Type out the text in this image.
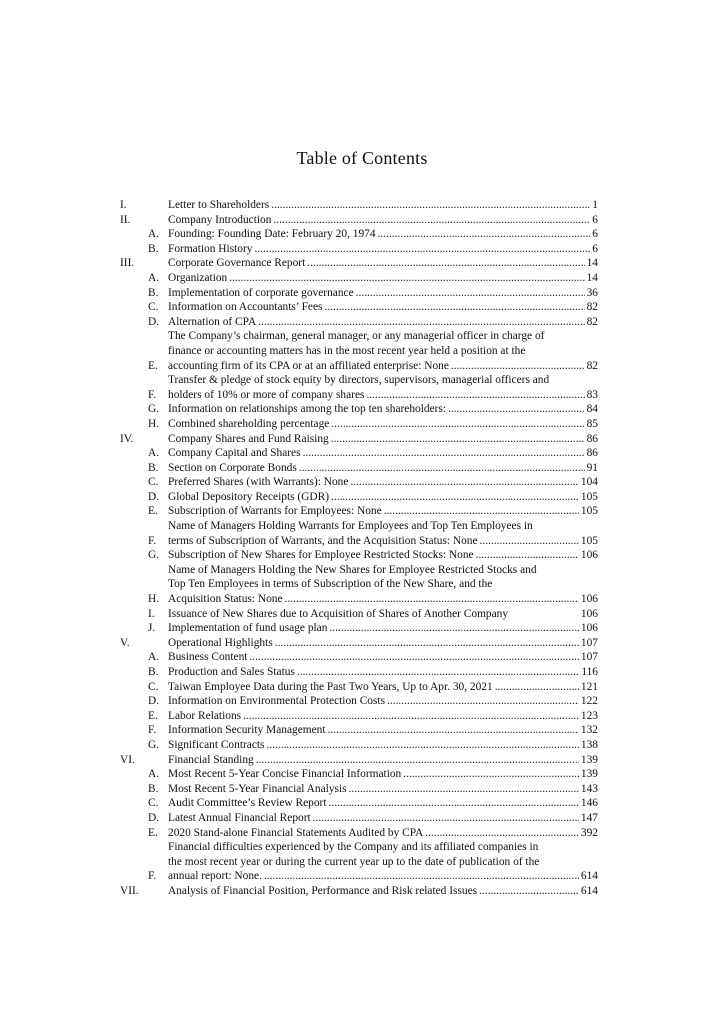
Table of Contents
I.	Letter to Shareholders .....	1
II.	Company Introduction .....	6
A. Founding: Founding Date: February 20, 1974 .....	6
B. Formation History .....	6
III.	Corporate Governance Report .....	14
A. Organization .....	14
B. Implementation of corporate governance .....	36
C. Information on Accountants’ Fees .....	82
D. Alternation of CPA .....	82
E.
The Company’s chairman, general manager, or any managerial officer in charge of
finance or accounting matters has in the most recent year held a position at the
accounting firm of its CPA or at an affiliated enterprise: None .....	82
F.
Transfer & pledge of stock equity by directors, supervisors, managerial officers and
holders of 10% or more of company shares .....	83
G. Information on relationships among the top ten shareholders: .....	84
H. Combined shareholding percentage .....	85
IV.	Company Shares and Fund Raising .....	86
A. Company Capital and Shares .....	86
B. Section on Corporate Bonds .....	91
C. Preferred Shares (with Warrants): None .....	104
D. Global Depository Receipts (GDR) .....	105
E. Subscription of Warrants for Employees: None .....	105
F.
Name of Managers Holding Warrants for Employees and Top Ten Employees in
terms of Subscription of Warrants, and the Acquisition Status: None .....	105
G. Subscription of New Shares for Employee Restricted Stocks: None .....	106
H.
Name of Managers Holding the New Shares for Employee Restricted Stocks and
Top Ten Employees in terms of Subscription of the New Share, and the
Acquisition Status: None .....	106
I.	Issuance of New Shares due to Acquisition of Shares of Another Company	106
J.	Implementation of fund usage plan .....	106
V.	Operational Highlights .....	107
A. Business Content .....	107
B. Production and Sales Status .....	116
C. Taiwan Employee Data during the Past Two Years, Up to Apr. 30, 2021 .....	121
D. Information on Environmental Protection Costs .....	122
E. Labor Relations .....	123
F.	Information Security Management .....	132
G. Significant Contracts .....	138
VI.	Financial Standing .....	139
A. Most Recent 5-Year Concise Financial Information .....	139
B. Most Recent 5-Year Financial Analysis .....	143
C. Audit Committee’s Review Report .....	146
D. Latest Annual Financial Report .....	147
E. 2020 Stand-alone Financial Statements Audited by CPA .....	392
F.
Financial difficulties experienced by the Company and its affiliated companies in
the most recent year or during the current year up to the date of publication of the
annual report: None. .....	614
VII.	Analysis of Financial Position, Performance and Risk related Issues .....	614
